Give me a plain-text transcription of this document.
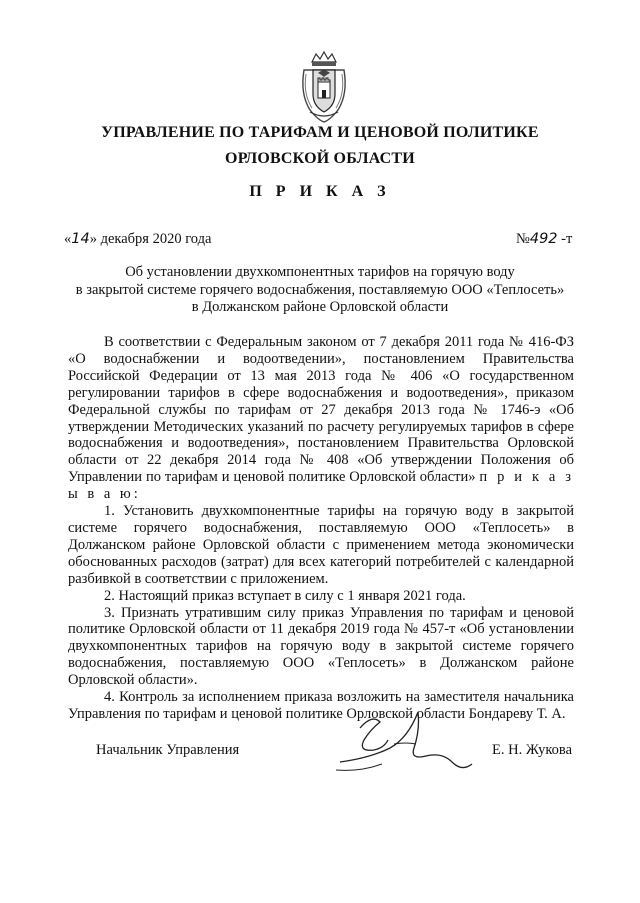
УПРАВЛЕНИЕ ПО ТАРИФАМ И ЦЕНОВОЙ ПОЛИТИКЕ
ОРЛОВСКОЙ ОБЛАСТИ
П Р И К А З
«14» декабря 2020 года	№492 -т
Об установлении двухкомпонентных тарифов на горячую воду
в закрытой системе горячего водоснабжения, поставляемую ООО «Теплосеть»
в Должанском районе Орловской области

В соответствии с Федеральным законом от 7 декабря 2011 года № 416-ФЗ «О водоснабжении и водоотведении», постановлением Правительства Российской Федерации от 13 мая 2013 года № 406 «О государственном регулировании тарифов в сфере водоснабжения и водоотведения», приказом Федеральной службы по тарифам от 27 декабря 2013 года № 1746-э «Об утверждении Методических указаний по расчету регулируемых тарифов в сфере водоснабжения и водоотведения», постановлением Правительства Орловской области от 22 декабря 2014 года № 408 «Об утверждении Положения об Управлении по тарифам и ценовой политике Орловской области» п р и к а з ы в а ю:

1. Установить двухкомпонентные тарифы на горячую воду в закрытой системе горячего водоснабжения, поставляемую ООО «Теплосеть» в Должанском районе Орловской области с применением метода экономически обоснованных расходов (затрат) для всех категорий потребителей с календарной разбивкой в соответствии с приложением.

2. Настоящий приказ вступает в силу с 1 января 2021 года.

3. Признать утратившим силу приказ Управления по тарифам и ценовой политике Орловской области от 11 декабря 2019 года № 457-т «Об установлении двухкомпонентных тарифов на горячую воду в закрытой системе горячего водоснабжения, поставляемую ООО «Теплосеть» в Должанском районе Орловской области».

4. Контроль за исполнением приказа возложить на заместителя начальника Управления по тарифам и ценовой политике Орловской области Бондареву Т. А.

Начальник Управления	Е. Н. Жукова
